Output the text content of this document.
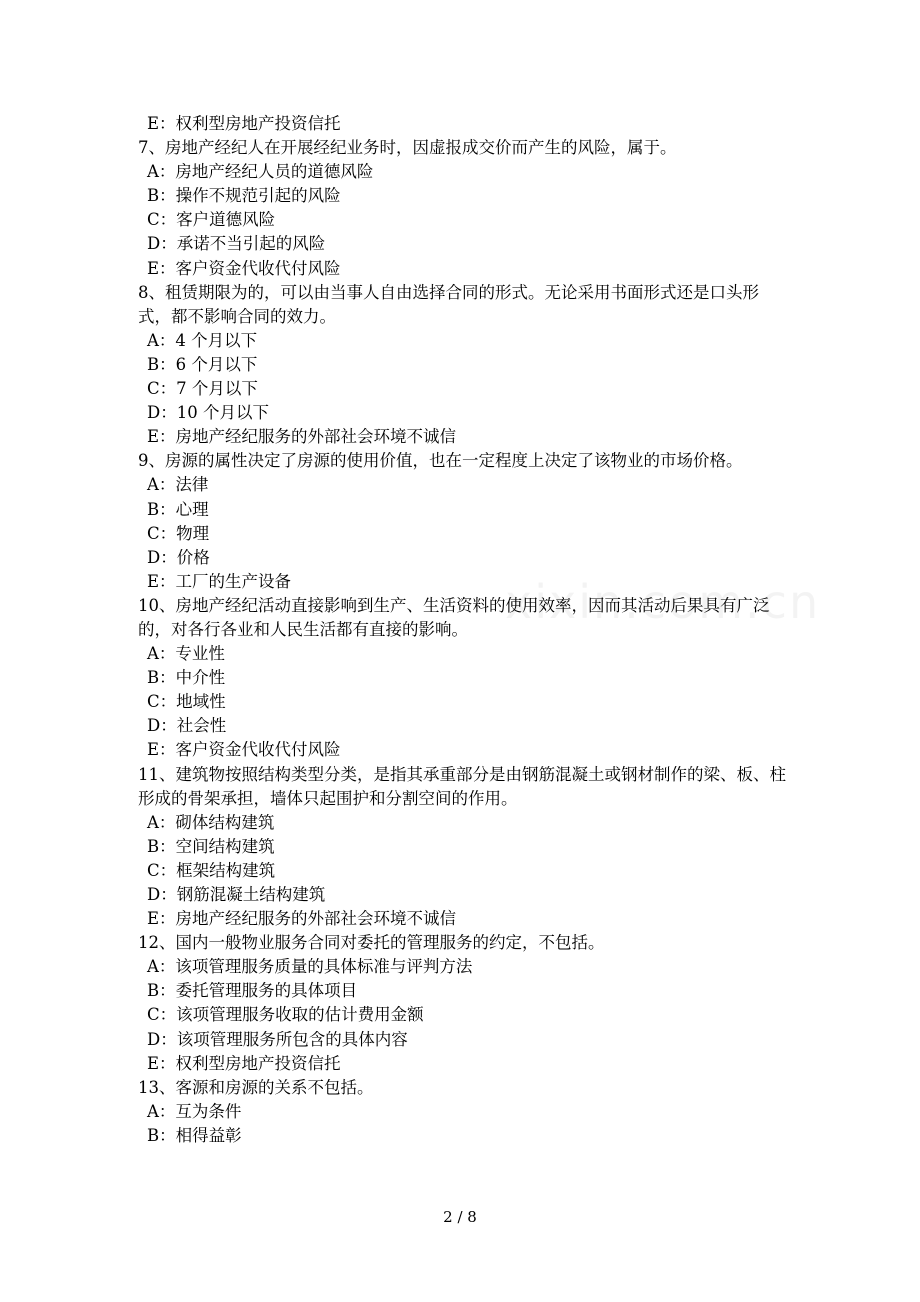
E：权利型房地产投资信托
7、房地产经纪人在开展经纪业务时，因虚报成交价而产生的风险，属于。
A：房地产经纪人员的道德风险
B：操作不规范引起的风险
C：客户道德风险
D：承诺不当引起的风险
E：客户资金代收代付风险
8、租赁期限为的，可以由当事人自由选择合同的形式。无论采用书面形式还是口头形式，都不影响合同的效力。
A：4 个月以下
B：6 个月以下
C：7 个月以下
D：10 个月以下
E：房地产经纪服务的外部社会环境不诚信
9、房源的属性决定了房源的使用价值，也在一定程度上决定了该物业的市场价格。
A：法律
B：心理
C：物理
D：价格
E：工厂的生产设备
10、房地产经纪活动直接影响到生产、生活资料的使用效率，因而其活动后果具有广泛的，对各行各业和人民生活都有直接的影响。
A：专业性
B：中介性
C：地域性
D：社会性
E：客户资金代收代付风险
11、建筑物按照结构类型分类，是指其承重部分是由钢筋混凝土或钢材制作的梁、板、柱形成的骨架承担，墙体只起围护和分割空间的作用。
A：砌体结构建筑
B：空间结构建筑
C：框架结构建筑
D：钢筋混凝土结构建筑
E：房地产经纪服务的外部社会环境不诚信
12、国内一般物业服务合同对委托的管理服务的约定，不包括。
A：该项管理服务质量的具体标准与评判方法
B：委托管理服务的具体项目
C：该项管理服务收取的估计费用金额
D：该项管理服务所包含的具体内容
E：权利型房地产投资信托
13、客源和房源的关系不包括。
A：互为条件
B：相得益彰
2 / 8
